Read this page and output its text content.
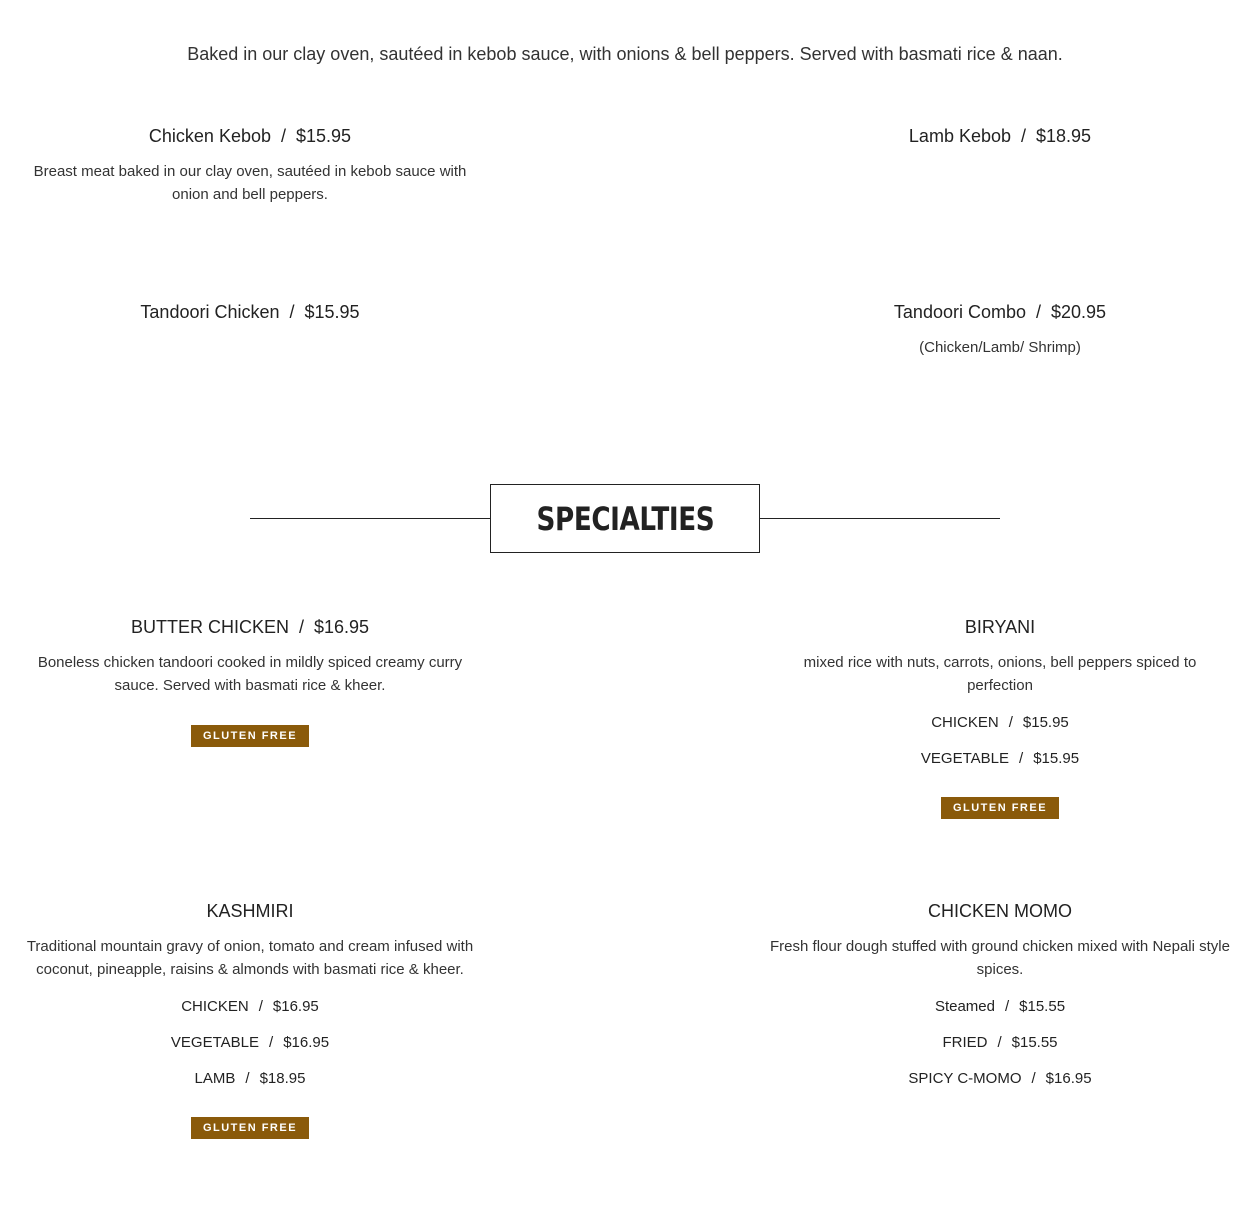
Baked in our clay oven, sautéed in kebob sauce, with onions & bell peppers. Served with basmati rice & naan.

Chicken Kebob / $15.95

Breast meat baked in our clay oven, sautéed in kebob sauce with onion and bell peppers.

Lamb Kebob / $18.95

Tandoori Chicken / $15.95	Tandoori Combo / $20.95

(Chicken/Lamb/ Shrimp)
SPECIALTIES

BUTTER CHICKEN / $16.95

Boneless chicken tandoori cooked in mildly spiced creamy curry sauce. Served with basmati rice & kheer.
GLUTEN FREE

BIRYANI

mixed rice with nuts, carrots, onions, bell peppers spiced to perfection
CHICKEN / $15.95
VEGETABLE / $15.95
GLUTEN FREE

KASHMIRI

Traditional mountain gravy of onion, tomato and cream infused with coconut, pineapple, raisins & almonds with basmati rice & kheer.
CHICKEN / $16.95
VEGETABLE / $16.95
LAMB / $18.95
GLUTEN FREE

CHICKEN MOMO

Fresh flour dough stuffed with ground chicken mixed with Nepali style spices.
Steamed / $15.55
FRIED / $15.55
SPICY C-MOMO / $16.95
